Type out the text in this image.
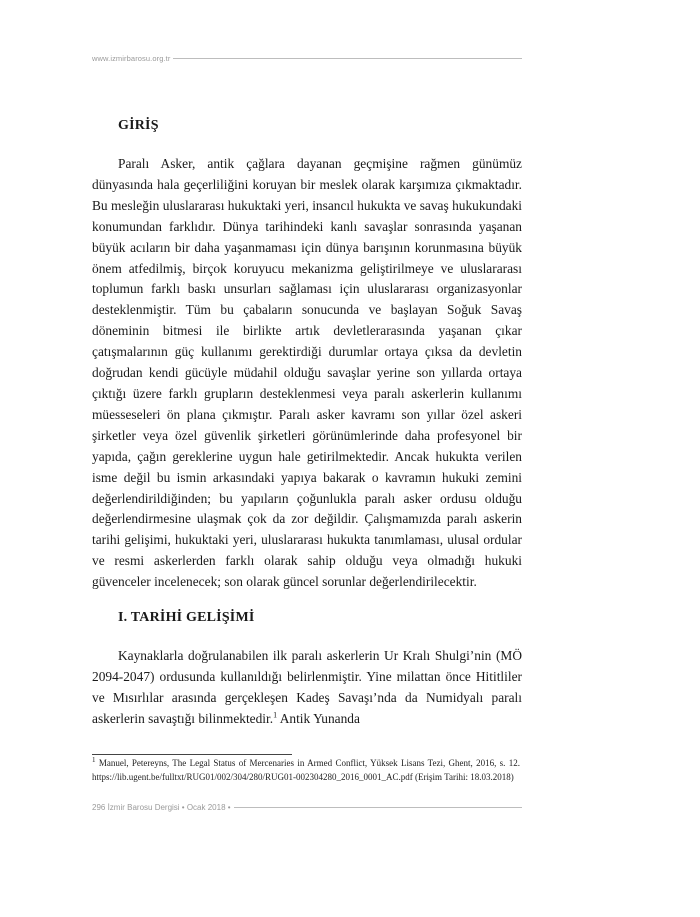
www.izmirbarosu.org.tr
GİRİŞ

Paralı Asker, antik çağlara dayanan geçmişine rağmen günümüz dünyasında hala geçerliliğini koruyan bir meslek olarak karşımıza çıkmaktadır. Bu mesleğin uluslararası hukuktaki yeri, insancıl hukukta ve savaş hukukundaki konumundan farklıdır. Dünya tarihindeki kanlı savaşlar sonrasında yaşanan büyük acıların bir daha yaşanmaması için dünya barışının korunmasına büyük önem atfedilmiş, birçok koruyucu mekanizma geliştirilmeye ve uluslararası toplumun farklı baskı unsurları sağlaması için uluslararası organizasyonlar desteklenmiştir. Tüm bu çabaların sonucunda ve başlayan Soğuk Savaş döneminin bitmesi ile birlikte artık devletlerarasında yaşanan çıkar çatışmalarının güç kullanımı gerektirdiği durumlar ortaya çıksa da devletin doğrudan kendi gücüyle müdahil olduğu savaşlar yerine son yıllarda ortaya çıktığı üzere farklı grupların desteklenmesi veya paralı askerlerin kullanımı müesseseleri ön plana çıkmıştır. Paralı asker kavramı son yıllar özel askeri şirketler veya özel güvenlik şirketleri görünümlerinde daha profesyonel bir yapıda, çağın gereklerine uygun hale getirilmektedir. Ancak hukukta verilen isme değil bu ismin arkasındaki yapıya bakarak o kavramın hukuki zemini değerlendirildiğinden; bu yapıların çoğunlukla paralı asker ordusu olduğu değerlendirmesine ulaşmak çok da zor değildir. Çalışmamızda paralı askerin tarihi gelişimi, hukuktaki yeri, uluslararası hukukta tanımlaması, ulusal ordular ve resmi askerlerden farklı olarak sahip olduğu veya olmadığı hukuki güvenceler incelenecek; son olarak güncel sorunlar değerlendirilecektir.

I. TARİHİ GELİŞİMİ

Kaynaklarla doğrulanabilen ilk paralı askerlerin Ur Kralı Shulgi’nin (MÖ 2094-2047) ordusunda kullanıldığı belirlenmiştir. Yine milattan önce Hititliler ve Mısırlılar arasında gerçekleşen Kadeş Savaşı’nda da Numidyalı paralı askerlerin savaştığı bilinmektedir.$^1$ Antik Yunanda

$^1$ Manuel, Petereyns, The Legal Status of Mercenaries in Armed Conflict, Yüksek Lisans Tezi, Ghent, 2016, s. 12. https://lib.ugent.be/fulltxt/RUG01/002/304/280/RUG01-002304280_2016_0001_AC.pdf (Erişim Tarihi: 18.03.2018)
296 İzmir Barosu Dergisi • Ocak 2018 •
